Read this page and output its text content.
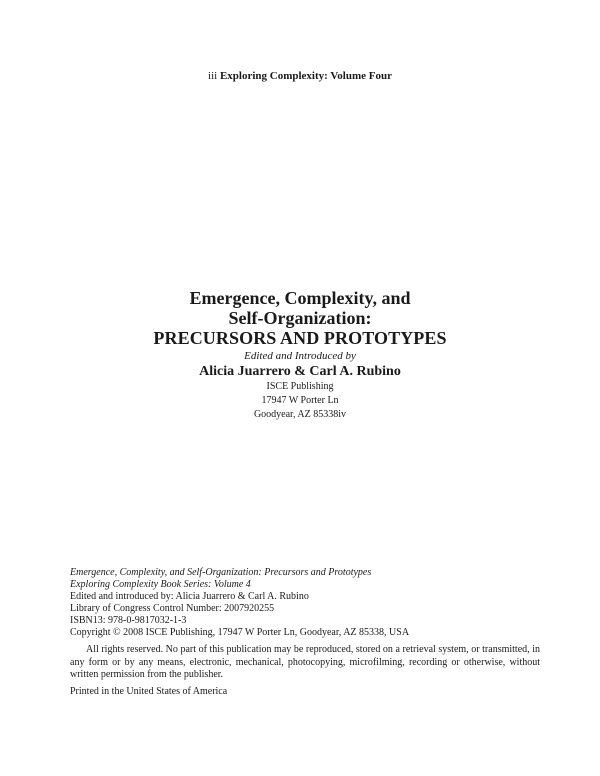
iii Exploring Complexity: Volume Four
Emergence, Complexity, and
Self-Organization:
PRECURSORS AND PROTOTYPES
Edited and Introduced by
Alicia Juarrero & Carl A. Rubino
ISCE Publishing
17947 W Porter Ln
Goodyear, AZ 85338iv
Emergence, Complexity, and Self-Organization: Precursors and Prototypes
Exploring Complexity Book Series: Volume 4
Edited and introduced by: Alicia Juarrero & Carl A. Rubino
Library of Congress Control Number: 2007920255
ISBN13: 978-0-9817032-1-3
Copyright © 2008 ISCE Publishing, 17947 W Porter Ln, Goodyear, AZ 85338, USA
All rights reserved. No part of this publication may be reproduced, stored on a retrieval system, or transmitted, in any form or by any means, electronic, mechanical, photocopying, microfilming, recording or otherwise, without written permission from the publisher.
Printed in the United States of America
